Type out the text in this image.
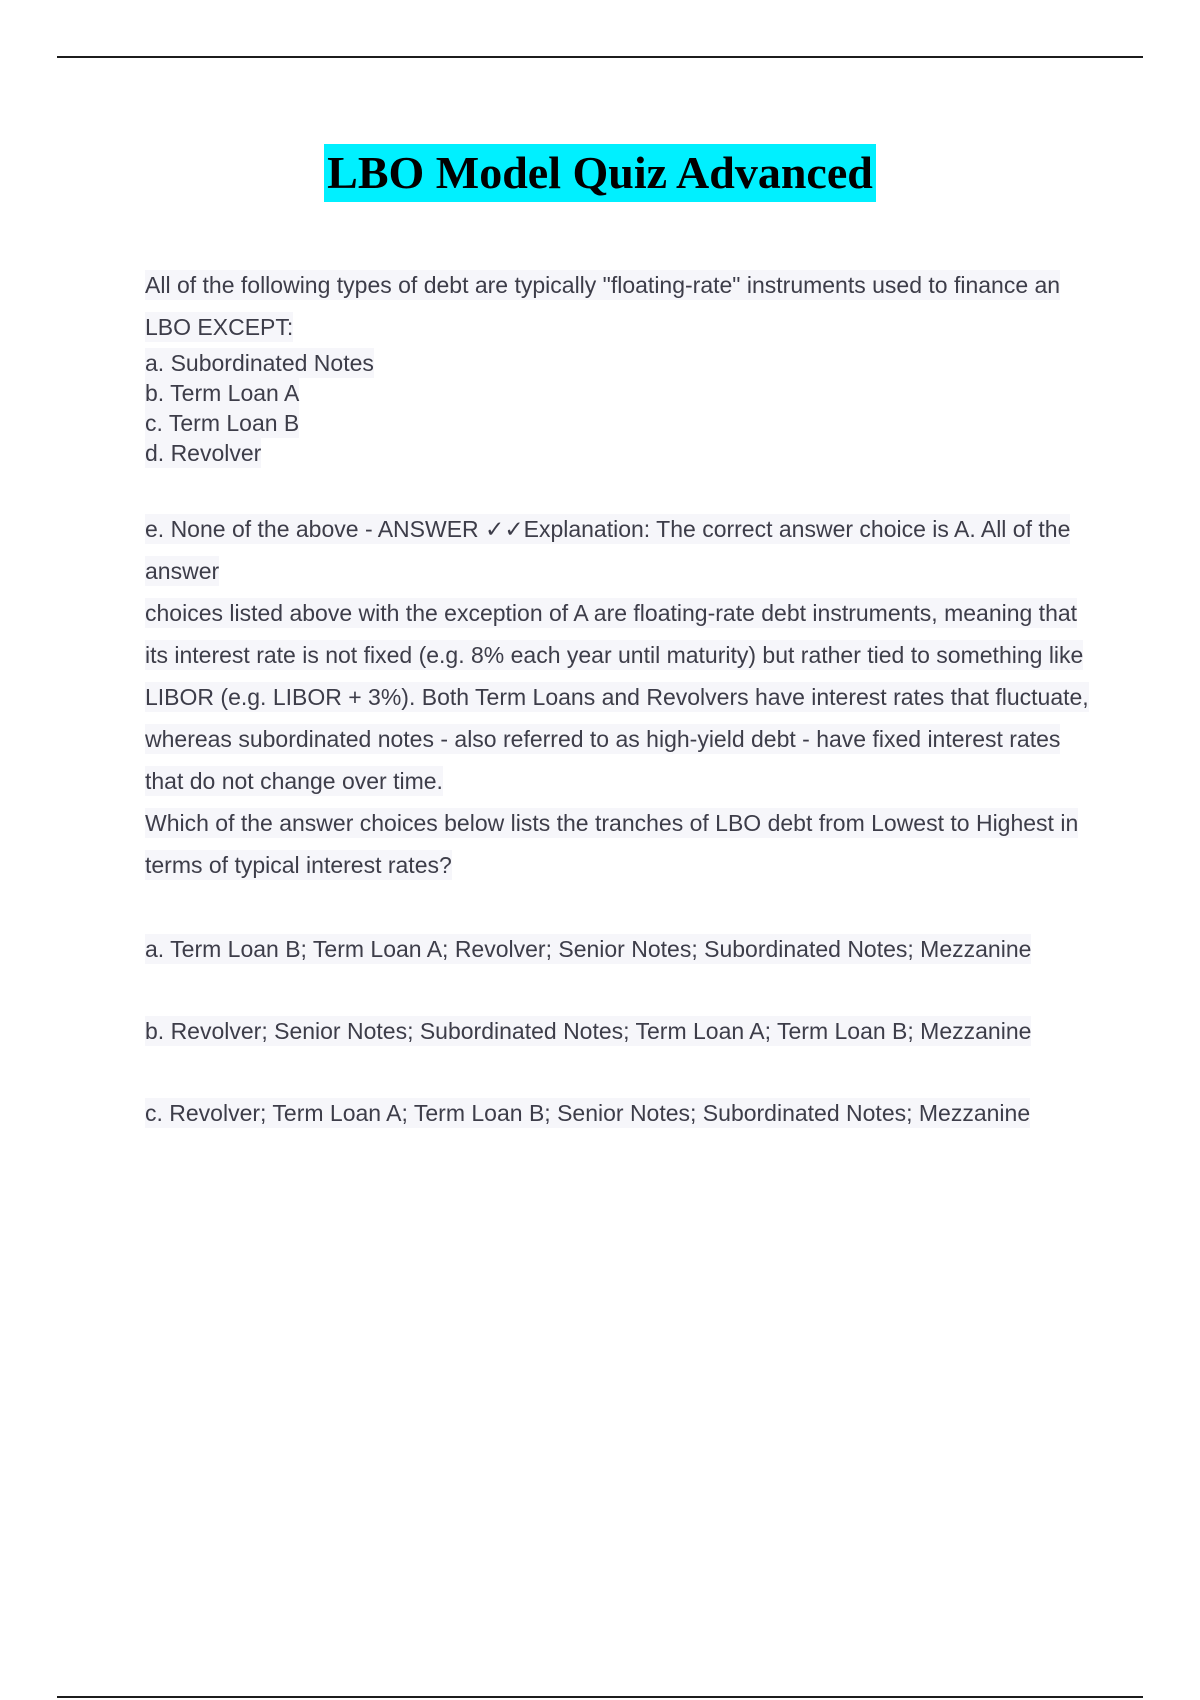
LBO Model Quiz Advanced

All of the following types of debt are typically "floating-rate" instruments used to finance an LBO EXCEPT:

a. Subordinated Notes

b. Term Loan A

c. Term Loan B

d. Revolver

e. None of the above - ANSWER ✓✓Explanation: The correct answer choice is A. All of the answer

choices listed above with the exception of A are floating-rate debt instruments, meaning that its interest rate is not fixed (e.g. 8% each year until maturity) but rather tied to something like LIBOR (e.g. LIBOR + 3%). Both Term Loans and Revolvers have interest rates that fluctuate, whereas subordinated notes - also referred to as high-yield debt - have fixed interest rates that do not change over time.

Which of the answer choices below lists the tranches of LBO debt from Lowest to Highest in terms of typical interest rates?

a. Term Loan B; Term Loan A; Revolver; Senior Notes; Subordinated Notes; Mezzanine

b. Revolver; Senior Notes; Subordinated Notes; Term Loan A; Term Loan B; Mezzanine

c. Revolver; Term Loan A; Term Loan B; Senior Notes; Subordinated Notes; Mezzanine
